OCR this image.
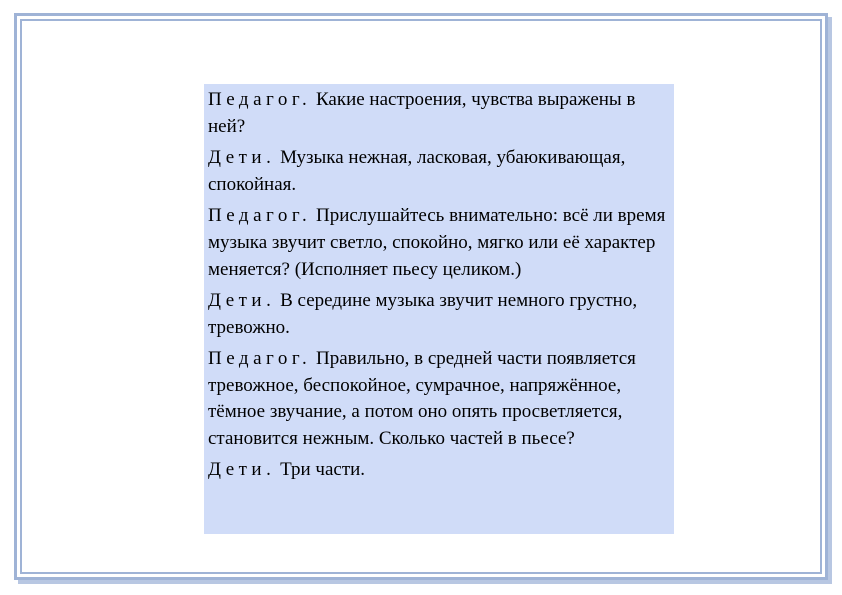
Педагог. Какие настроения, чувства выражены в ней?

Дети. Музыка нежная, ласковая, убаюкивающая, спокойная.

Педагог. Прислушайтесь внимательно: всё ли время музыка звучит светло, спокойно, мягко или её характер меняется? (Исполняет пьесу целиком.)

Дети. В середине музыка звучит немного грустно, тревожно.

Педагог. Правильно, в средней части появляется тревожное, беспокойное, сумрачное, напряжённое, тёмное звучание, а потом оно опять просветляется, становится нежным. Сколько частей в пьесе?

Дети. Три части.
